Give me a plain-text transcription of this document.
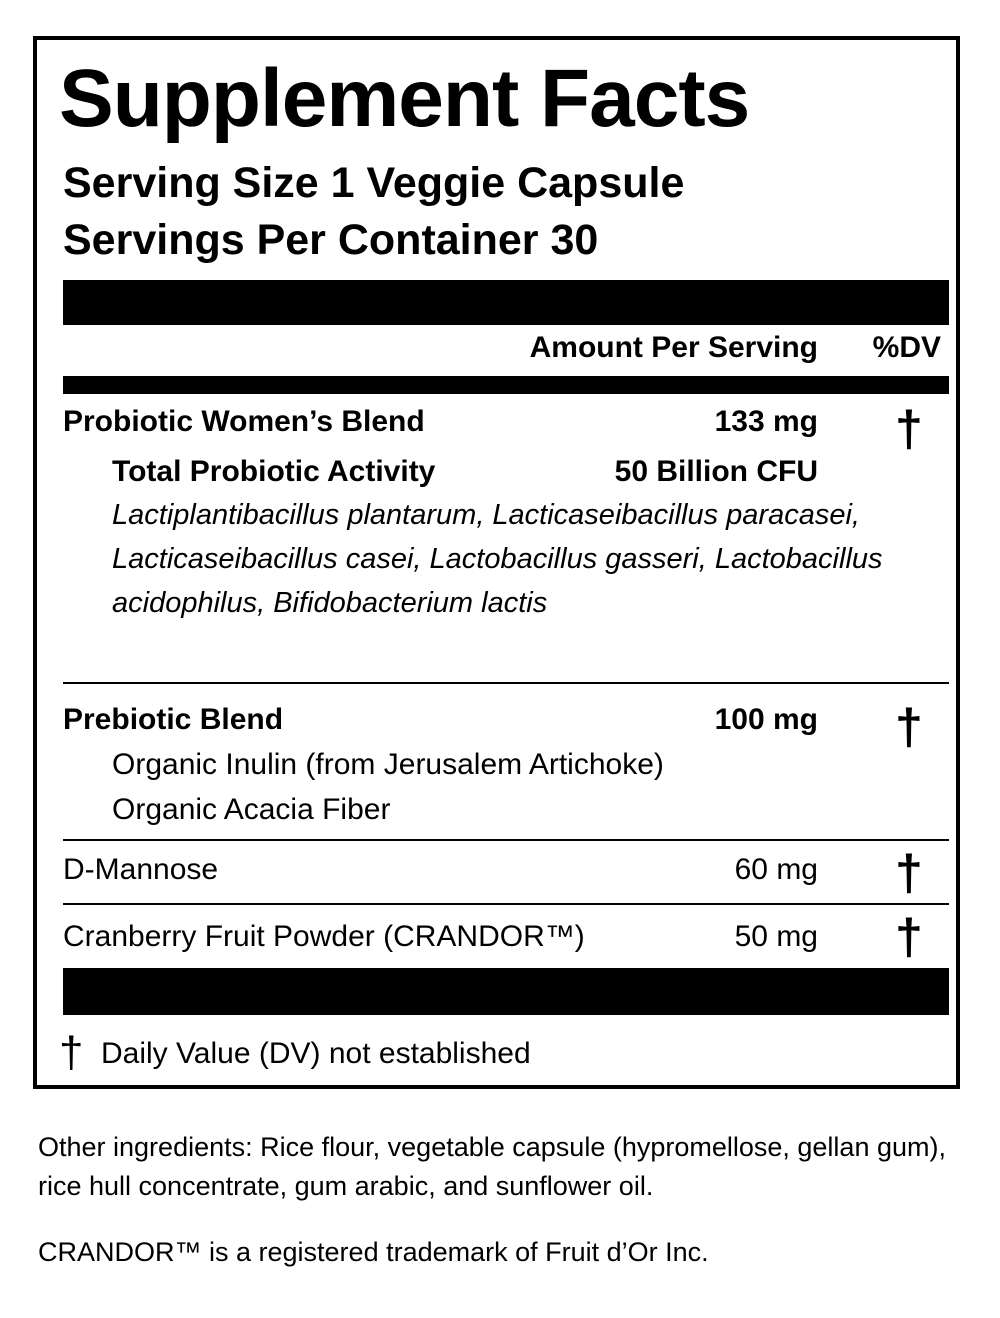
Supplement Facts
Serving Size 1 Veggie Capsule
Servings Per Container 30
Amount Per Serving %DV
Probiotic Women’s Blend	133 mg †
Total Probiotic Activity	50 Billion CFU
Lactiplantibacillus plantarum, Lacticaseibacillus paracasei, Lacticaseibacillus casei, Lactobacillus gasseri, Lactobacillus acidophilus, Bifidobacterium lactis
Prebiotic Blend	100 mg †
Organic Inulin (from Jerusalem Artichoke)
Organic Acacia Fiber
D-Mannose	60 mg †
Cranberry Fruit Powder (CRANDOR™)	50 mg †
† Daily Value (DV) not established
Other ingredients: Rice flour, vegetable capsule (hypromellose, gellan gum), rice hull concentrate, gum arabic, and sunflower oil.
CRANDOR™ is a registered trademark of Fruit d’Or Inc.
